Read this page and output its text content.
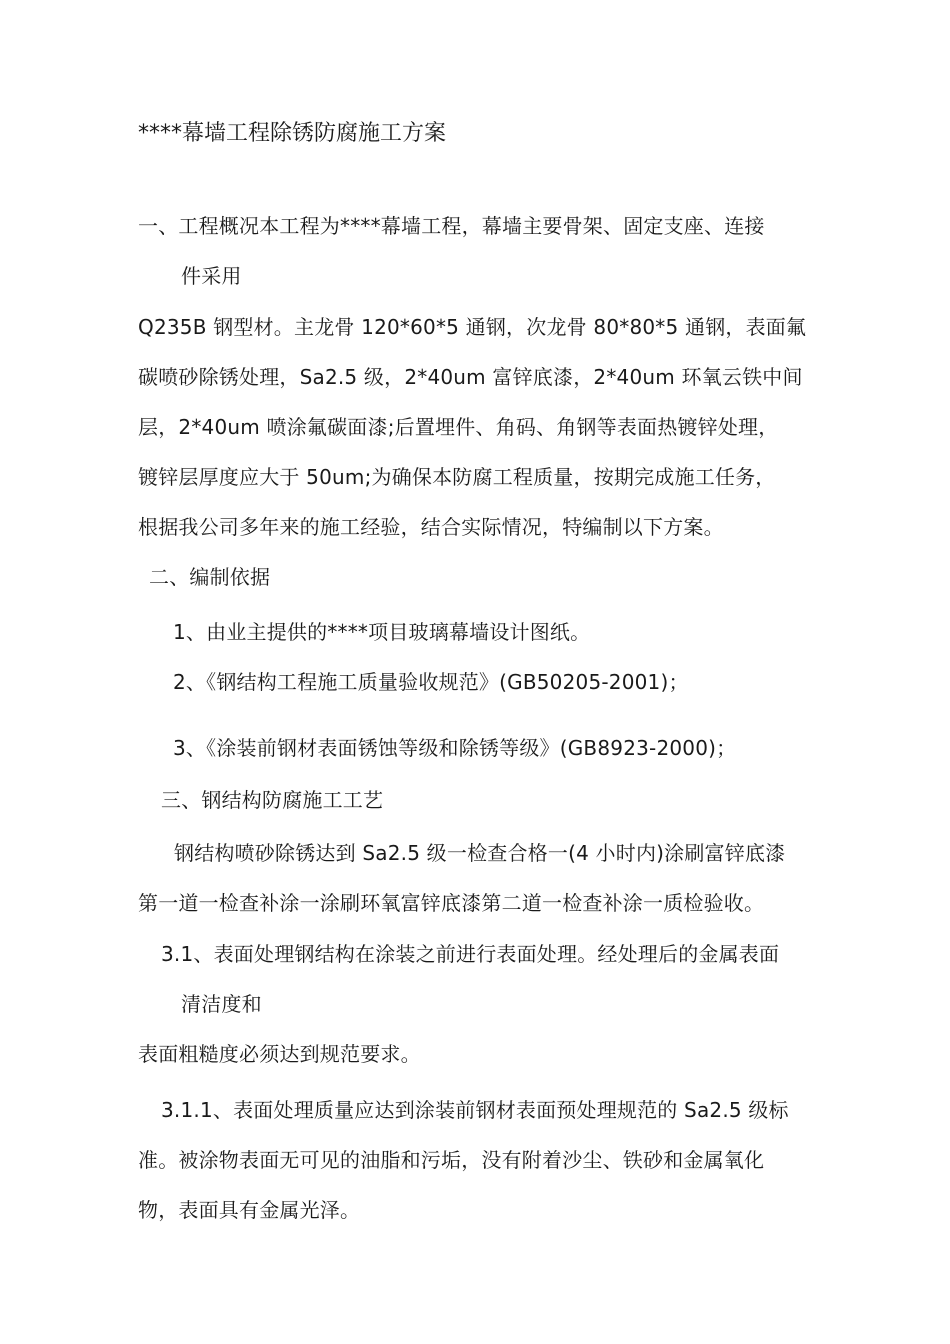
****幕墙工程除锈防腐施工方案
一、工程概况本工程为****幕墙工程，幕墙主要骨架、固定支座、连接
件采用
Q235B 钢型材。主龙骨 120*60*5 通钢，次龙骨 80*80*5 通钢，表面氟
碳喷砂除锈处理，Sa2.5 级，2*40um 富锌底漆，2*40um 环氧云铁中间
层，2*40um 喷涂氟碳面漆;后置埋件、角码、角钢等表面热镀锌处理，
镀锌层厚度应大于 50um;为确保本防腐工程质量，按期完成施工任务，
根据我公司多年来的施工经验，结合实际情况，特编制以下方案。
二、编制依据
1、由业主提供的****项目玻璃幕墙设计图纸。
2、《钢结构工程施工质量验收规范》(GB50205-2001)；
3、《涂装前钢材表面锈蚀等级和除锈等级》(GB8923-2000)；
三、钢结构防腐施工工艺
钢结构喷砂除锈达到 Sa2.5 级一检查合格一(4 小时内)涂刷富锌底漆
第一道一检查补涂一涂刷环氧富锌底漆第二道一检查补涂一质检验收。
3.1、表面处理钢结构在涂装之前进行表面处理。经处理后的金属表面
清洁度和
表面粗糙度必须达到规范要求。
3.1.1、表面处理质量应达到涂装前钢材表面预处理规范的 Sa2.5 级标
准。被涂物表面无可见的油脂和污垢，没有附着沙尘、铁砂和金属氧化
物，表面具有金属光泽。
